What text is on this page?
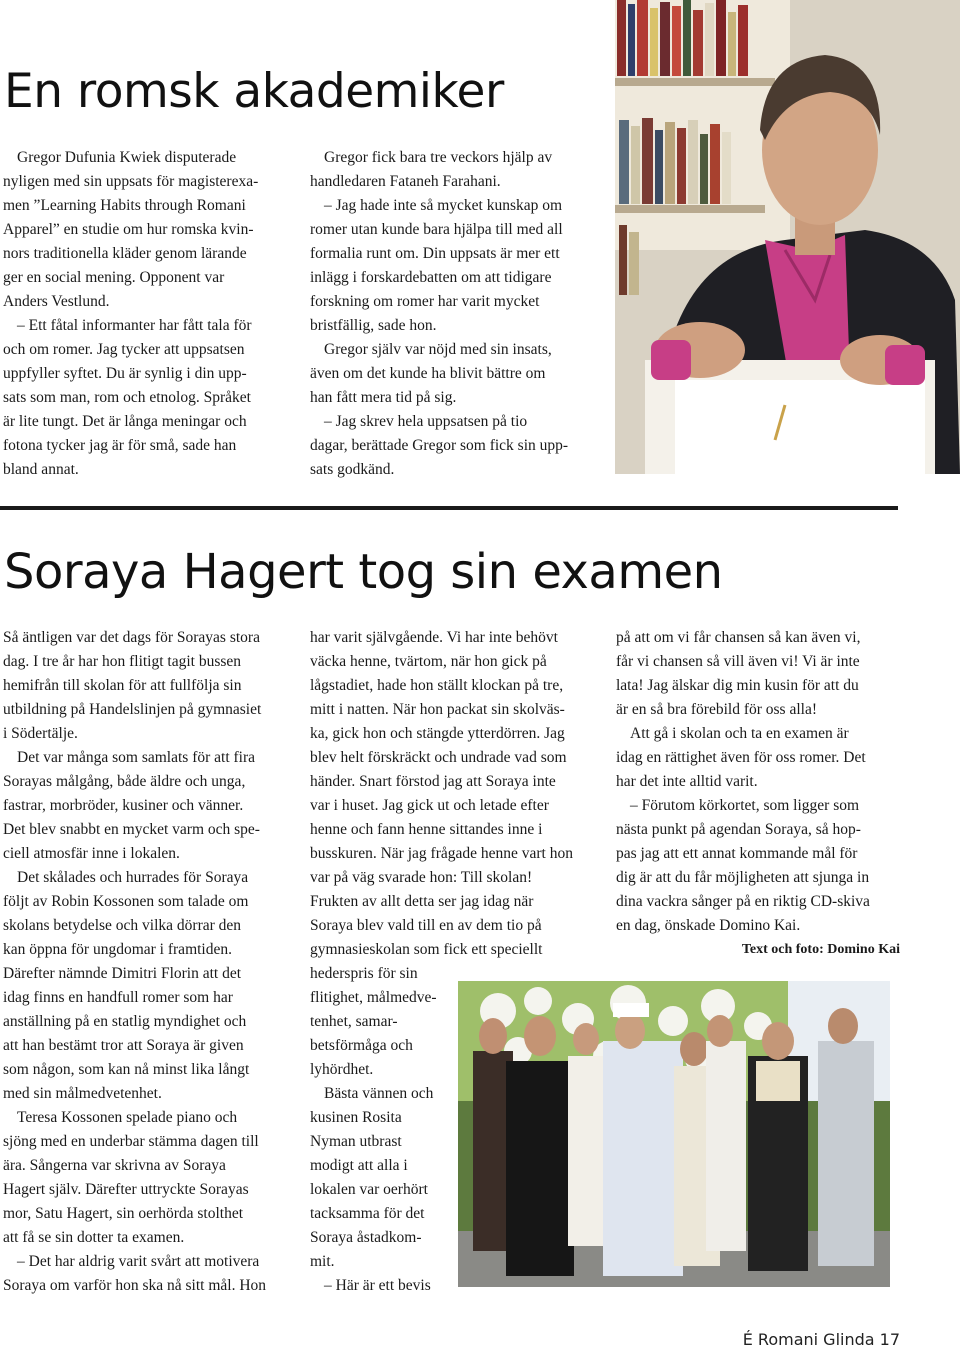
En romsk akademiker

Gregor Dufunia Kwiek disputerade

nyligen med sin uppsats för magisterexa-

men ”Learning Habits through Romani

Apparel” en studie om hur romska kvin-

nors traditionella kläder genom lärande

ger en social mening. Opponent var

Anders Vestlund.

– Ett fåtal informanter har fått tala för

och om romer. Jag tycker att uppsatsen

uppfyller syftet. Du är synlig i din upp-

sats som man, rom och etnolog. Språket

är lite tungt. Det är långa meningar och

fotona tycker jag är för små, sade han

bland annat.

Gregor fick bara tre veckors hjälp av

handledaren Fataneh Farahani.

– Jag hade inte så mycket kunskap om

romer utan kunde bara hjälpa till med all

formalia runt om. Din uppsats är mer ett

inlägg i forskardebatten om att tidigare

forskning om romer har varit mycket

bristfällig, sade hon.

Gregor själv var nöjd med sin insats,

även om det kunde ha blivit bättre om

han fått mera tid på sig.

– Jag skrev hela uppsatsen på tio

dagar, berättade Gregor som fick sin upp-

sats godkänd.

Soraya Hagert tog sin examen

Så äntligen var det dags för Sorayas stora

dag. I tre år har hon flitigt tagit bussen

hemifrån till skolan för att fullfölja sin

utbildning på Handelslinjen på gymnasiet

i Södertälje.

Det var många som samlats för att fira

Sorayas målgång, både äldre och unga,

fastrar, morbröder, kusiner och vänner.

Det blev snabbt en mycket varm och spe-

ciell atmosfär inne i lokalen.

Det skålades och hurrades för Soraya

följt av Robin Kossonen som talade om

skolans betydelse och vilka dörrar den

kan öppna för ungdomar i framtiden.

Därefter nämnde Dimitri Florin att det

idag finns en handfull romer som har

anställning på en statlig myndighet och

att han bestämt tror att Soraya är given

som någon, som kan nå minst lika långt

med sin målmedvetenhet.

Teresa Kossonen spelade piano och

sjöng med en underbar stämma dagen till

ära. Sångerna var skrivna av Soraya

Hagert själv. Därefter uttryckte Sorayas

mor, Satu Hagert, sin oerhörda stolthet

att få se sin dotter ta examen.

– Det har aldrig varit svårt att motivera

Soraya om varför hon ska nå sitt mål. Hon

har varit självgående. Vi har inte behövt

väcka henne, tvärtom, när hon gick på

lågstadiet, hade hon ställt klockan på tre,

mitt i natten. När hon packat sin skolväs-

ka, gick hon och stängde ytterdörren. Jag

blev helt förskräckt och undrade vad som

händer. Snart förstod jag att Soraya inte

var i huset. Jag gick ut och letade efter

henne och fann henne sittandes inne i

busskuren. När jag frågade henne vart hon

var på väg svarade hon: Till skolan!

Frukten av allt detta ser jag idag när

Soraya blev vald till en av dem tio på

gymnasieskolan som fick ett speciellt

hederspris för sin

flitighet, målmedve-

tenhet, samar-

betsförmåga och

lyhördhet.

Bästa vännen och

kusinen Rosita

Nyman utbrast

modigt att alla i

lokalen var oerhört

tacksamma för det

Soraya åstadkom-

mit.

– Här är ett bevis

på att om vi får chansen så kan även vi,

får vi chansen så vill även vi! Vi är inte

lata! Jag älskar dig min kusin för att du

är en så bra förebild för oss alla!

Att gå i skolan och ta en examen är

idag en rättighet även för oss romer. Det

har det inte alltid varit.

– Förutom körkortet, som ligger som

nästa punkt på agendan Soraya, så hop-

pas jag att ett annat kommande mål för

dig är att du får möjligheten att sjunga in

dina vackra sånger på en riktig CD-skiva

en dag, önskade Domino Kai.

Text och foto: Domino Kai

É Romani Glinda 17
